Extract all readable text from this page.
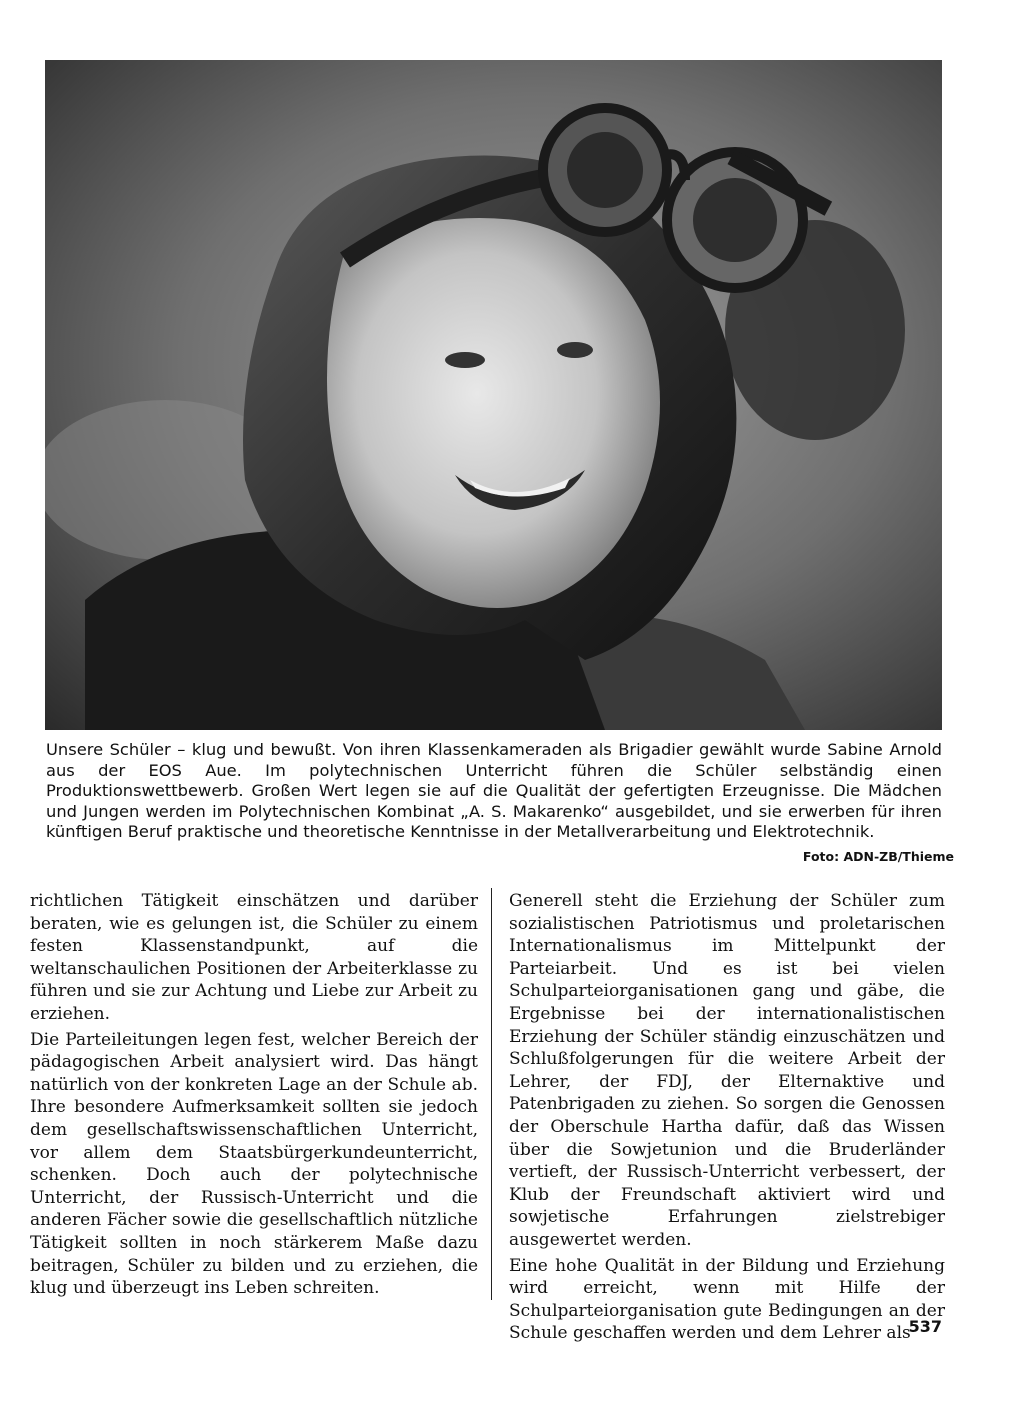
Unsere Schüler – klug und bewußt. Von ihren Klassenkameraden als Brigadier gewählt wurde Sabine Arnold aus der EOS Aue. Im polytechnischen Unterricht führen die Schüler selbständig einen Produktionswettbewerb. Großen Wert legen sie auf die Qualität der gefertigten Erzeugnisse. Die Mädchen und Jungen werden im Polytechnischen Kombinat „A. S. Makarenko“ ausgebildet, und sie erwerben für ihren künftigen Beruf praktische und theoretische Kenntnisse in der Metallverarbeitung und Elektrotechnik.
Foto: ADN-ZB/Thieme

richtlichen Tätigkeit einschätzen und darüber beraten, wie es gelungen ist, die Schüler zu einem festen Klassenstandpunkt, auf die weltanschaulichen Positionen der Arbeiterklasse zu führen und sie zur Achtung und Liebe zur Arbeit zu erziehen.

Die Parteileitungen legen fest, welcher Bereich der pädagogischen Arbeit analysiert wird. Das hängt natürlich von der konkreten Lage an der Schule ab. Ihre besondere Aufmerksamkeit sollten sie jedoch dem gesellschaftswissenschaftlichen Unterricht, vor allem dem Staatsbürgerkundeunterricht, schenken. Doch auch der polytechnische Unterricht, der Russisch-Unterricht und die anderen Fächer sowie die gesellschaftlich nützliche Tätigkeit sollten in noch stärkerem Maße dazu beitragen, Schüler zu bilden und zu erziehen, die klug und überzeugt ins Leben schreiten.

Generell steht die Erziehung der Schüler zum sozialistischen Patriotismus und proletarischen Internationalismus im Mittelpunkt der Parteiarbeit. Und es ist bei vielen Schulparteiorganisationen gang und gäbe, die Ergebnisse bei der internationalistischen Erziehung der Schüler ständig einzuschätzen und Schlußfolgerungen für die weitere Arbeit der Lehrer, der FDJ, der Elternaktive und Patenbrigaden zu ziehen. So sorgen die Genossen der Oberschule Hartha dafür, daß das Wissen über die Sowjetunion und die Bruderländer vertieft, der Russisch-Unterricht verbessert, der Klub der Freundschaft aktiviert wird und sowjetische Erfahrungen zielstrebiger ausgewertet werden.

Eine hohe Qualität in der Bildung und Erziehung wird erreicht, wenn mit Hilfe der Schulparteiorganisation gute Bedingungen an der Schule geschaffen werden und dem Lehrer als

537
